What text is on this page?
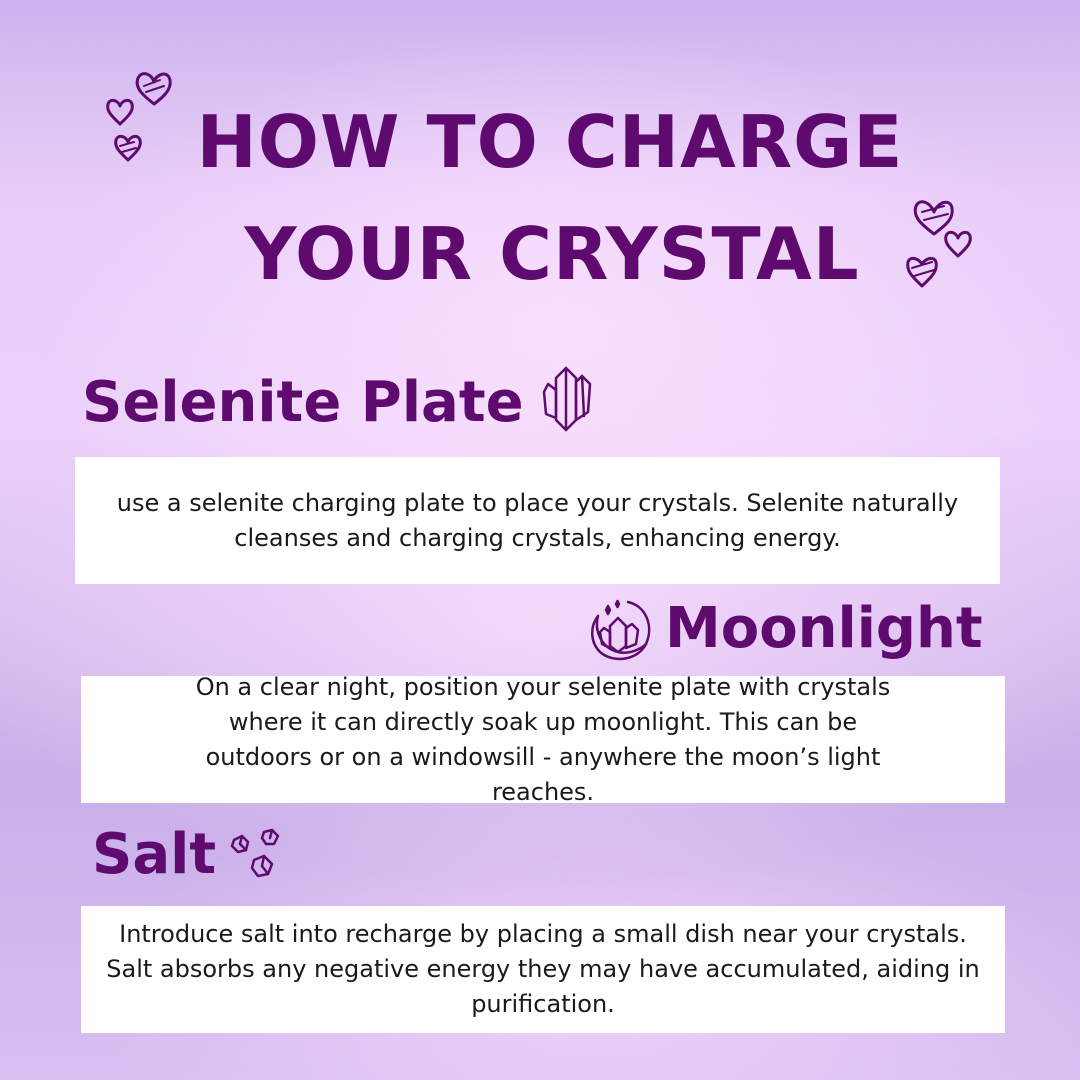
HOW TO CHARGE
YOUR CRYSTAL
Selenite Plate

use a selenite charging plate to place your crystals. Selenite naturally cleanses and charging crystals, enhancing energy.

Moonlight

On a clear night, position your selenite plate with crystals where it can directly soak up moonlight. This can be outdoors or on a windowsill - anywhere the moon’s light reaches.

Salt

Introduce salt into recharge by placing a small dish near your crystals. Salt absorbs any negative energy they may have accumulated, aiding in purification.
